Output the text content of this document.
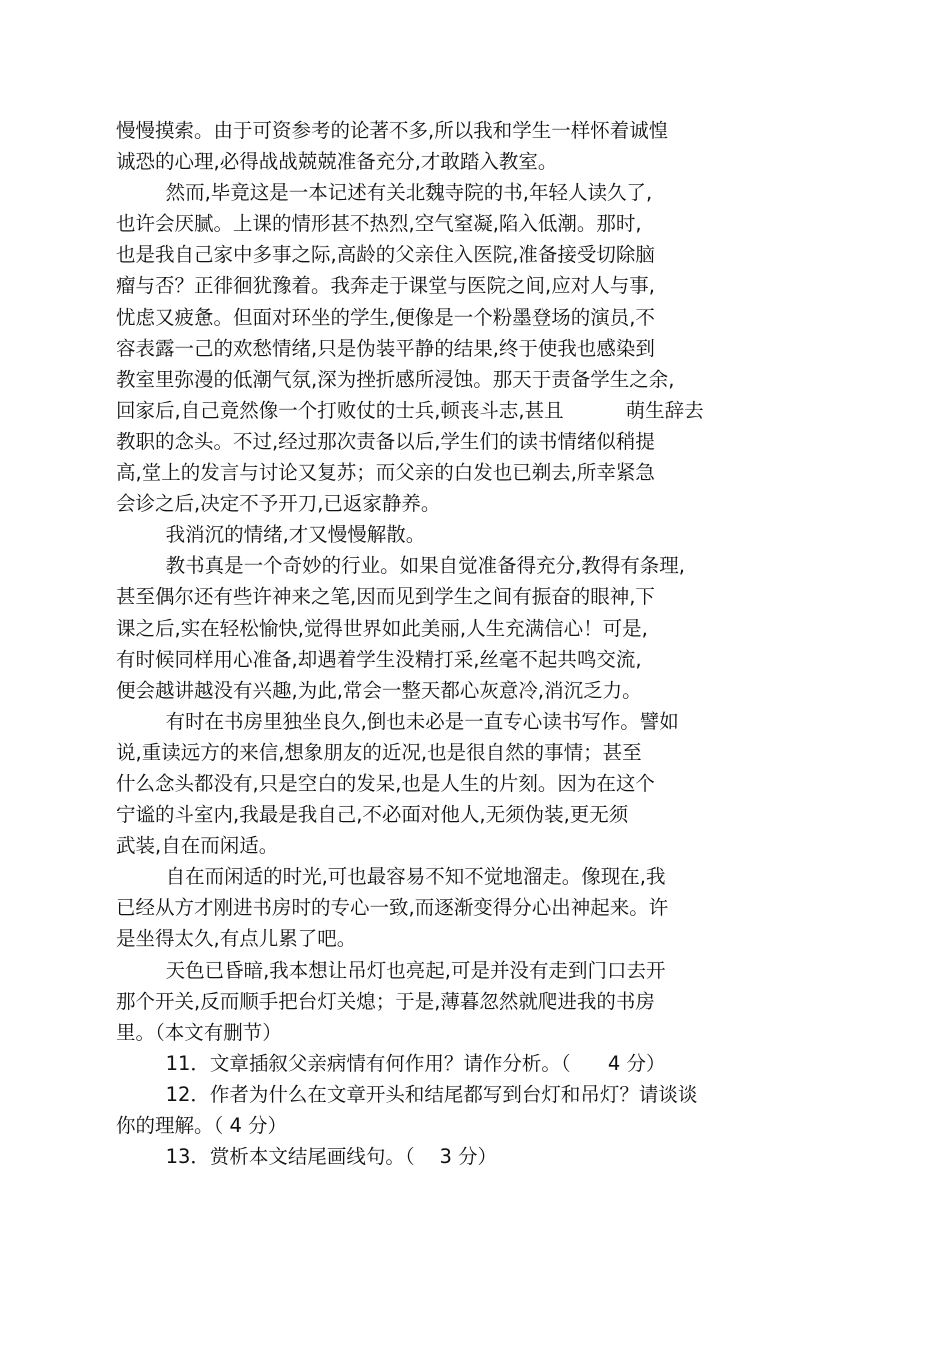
慢慢摸索。由于可资参考的论著不多,所以我和学生一样怀着诚惶

诚恐的心理,必得战战兢兢准备充分,才敢踏入教室。

然而,毕竟这是一本记述有关北魏寺院的书,年轻人读久了,

也许会厌腻。上课的情形甚不热烈,空气窒凝,陷入低潮。那时,

也是我自己家中多事之际,高龄的父亲住入医院,准备接受切除脑

瘤与否？正徘徊犹豫着。我奔走于课堂与医院之间,应对人与事,

忧虑又疲惫。但面对环坐的学生,便像是一个粉墨登场的演员,不

容表露一己的欢愁情绪,只是伪装平静的结果,终于使我也感染到

教室里弥漫的低潮气氛,深为挫折感所浸蚀。那天于责备学生之余,

回家后,自己竟然像一个打败仗的士兵,顿丧斗志,甚且          萌生辞去

教职的念头。不过,经过那次责备以后,学生们的读书情绪似稍提

高,堂上的发言与讨论又复苏；而父亲的白发也已剃去,所幸紧急

会诊之后,决定不予开刀,已返家静养。

我消沉的情绪,才又慢慢解散。

教书真是一个奇妙的行业。如果自觉准备得充分,教得有条理,

甚至偶尔还有些许神来之笔,因而见到学生之间有振奋的眼神,下

课之后,实在轻松愉快,觉得世界如此美丽,人生充满信心！可是,

有时候同样用心准备,却遇着学生没精打采,丝毫不起共鸣交流,

便会越讲越没有兴趣,为此,常会一整天都心灰意冷,消沉乏力。

有时在书房里独坐良久,倒也未必是一直专心读书写作。譬如

说,重读远方的来信,想象朋友的近况,也是很自然的事情；甚至

什么念头都没有,只是空白的发呆,也是人生的片刻。因为在这个

宁谧的斗室内,我最是我自己,不必面对他人,无须伪装,更无须

武装,自在而闲适。

自在而闲适的时光,可也最容易不知不觉地溜走。像现在,我

已经从方才刚进书房时的专心一致,而逐渐变得分心出神起来。许

是坐得太久,有点儿累了吧。

天色已昏暗,我本想让吊灯也亮起,可是并没有走到门口去开

那个开关,反而顺手把台灯关熄；于是,薄暮忽然就爬进我的书房

里。（本文有删节）

11．文章插叙父亲病情有何作用？请作分析。（      4 分）

12．作者为什么在文章开头和结尾都写到台灯和吊灯？请谈谈

你的理解。（ 4 分）

13．赏析本文结尾画线句。（    3 分）
